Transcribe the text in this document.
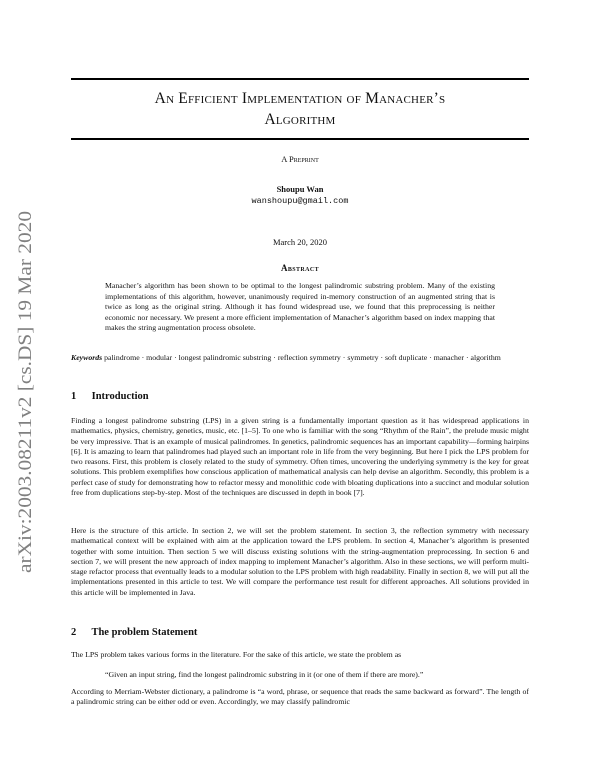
arXiv:2003.08211v2 [cs.DS] 19 Mar 2020
An Efficient Implementation of Manacher’s
Algorithm
A Preprint
Shoupu Wan
wanshoupu@gmail.com
March 20, 2020
Abstract
Manacher’s algorithm has been shown to be optimal to the longest palindromic substring problem. Many of the existing implementations of this algorithm, however, unanimously required in-memory construction of an augmented string that is twice as long as the original string. Although it has found widespread use, we found that this preprocessing is neither economic nor necessary. We present a more efficient implementation of Manacher’s algorithm based on index mapping that makes the string augmentation process obsolete.
Keywords palindrome · modular · longest palindromic substring · reflection symmetry · symmetry · soft duplicate · manacher · algorithm
1 Introduction
Finding a longest palindrome substring (LPS) in a given string is a fundamentally important question as it has widespread applications in mathematics, physics, chemistry, genetics, music, etc. [1–5]. To one who is familiar with the song “Rhythm of the Rain”, the prelude music might be very impressive. That is an example of musical palindromes. In genetics, palindromic sequences has an important capability—forming hairpins [6]. It is amazing to learn that palindromes had played such an important role in life from the very beginning. But here I pick the LPS problem for two reasons. First, this problem is closely related to the study of symmetry. Often times, uncovering the underlying symmetry is the key for great solutions. This problem exemplifies how conscious application of mathematical analysis can help devise an algorithm. Secondly, this problem is a perfect case of study for demonstrating how to refactor messy and monolithic code with bloating duplications into a succinct and modular solution free from duplications step-by-step. Most of the techniques are discussed in depth in book [7].
Here is the structure of this article. In section 2, we will set the problem statement. In section 3, the reflection symmetry with necessary mathematical context will be explained with aim at the application toward the LPS problem. In section 4, Manacher’s algorithm is presented together with some intuition. Then section 5 we will discuss existing solutions with the string-augmentation preprocessing. In section 6 and section 7, we will present the new approach of index mapping to implement Manacher’s algorithm. Also in these sections, we will perform multi-stage refactor process that eventually leads to a modular solution to the LPS problem with high readability. Finally in section 8, we will put all the implementations presented in this article to test. We will compare the performance test result for different approaches. All solutions provided in this article will be implemented in Java.
2 The problem Statement
The LPS problem takes various forms in the literature. For the sake of this article, we state the problem as
“Given an input string, find the longest palindromic substring in it (or one of them if there are more).”
According to Merriam-Webster dictionary, a palindrome is “a word, phrase, or sequence that reads the same backward as forward”. The length of a palindromic string can be either odd or even. Accordingly, we may classify palindromic
